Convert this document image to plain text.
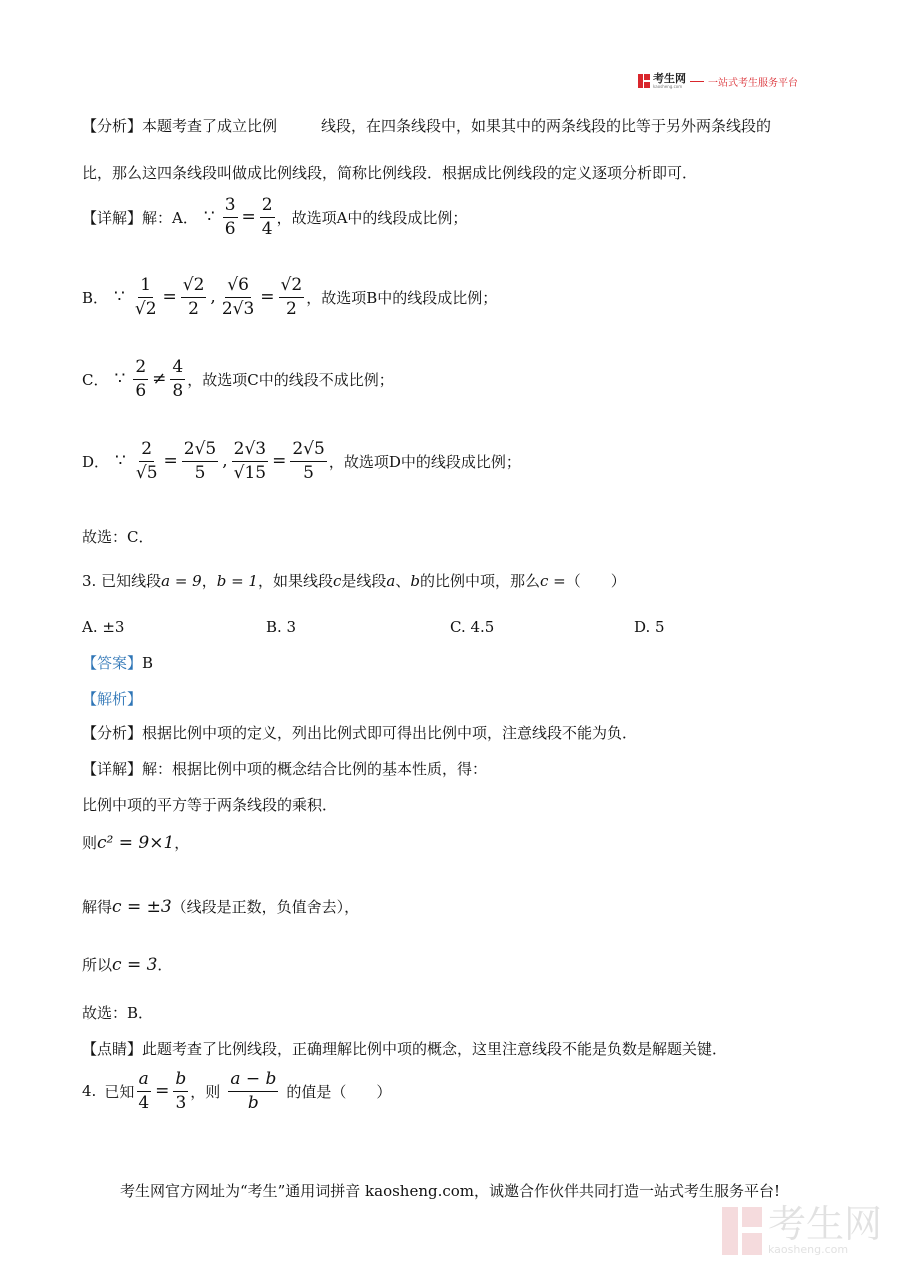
考生网
kaosheng.com	一站式考生服务平台
【分析】本题考查了成立比例	线段，在四条线段中，如果其中的两条线段的比等于另外两条线段的
比，那么这四条线段叫做成比例线段，简称比例线段．根据成比例线段的定义逐项分析即可．
【详解】 解：A． ∵ $\frac{3}{6} = \frac{2}{4}$ ，故选项A中的线段成比例；
B． ∵ $\frac{1}{√2} = \frac{√2}{2}$ , $\frac{√6}{2√3} = \frac{√2}{2}$ ，故选项B中的线段成比例；
C． ∵ $\frac{2}{6} \ne \frac{4}{8}$ ，故选项C中的线段不成比例；
D． ∵ $\frac{2}{√5} = \frac{2√5}{5}$ , $\frac{2√3}{√15} = \frac{2√5}{5}$ ，故选项D中的线段成比例；
故选：C．
3. 已知线段a = 9，b = 1，如果线段c是线段a、b的比例中项，那么c =（　　）
A. ±3	B. 3	C. 4.5	D. 5
【答案】B
【解析】
【分析】根据比例中项的定义，列出比例式即可得出比例中项，注意线段不能为负．
【详解】解：根据比例中项的概念结合比例的基本性质，得：
比例中项的平方等于两条线段的乘积．
则c² = 9×1，
解得c = ±3（线段是正数，负值舍去），
所以c = 3．
故选：B．
【点睛】此题考查了比例线段，正确理解比例中项的概念，这里注意线段不能是负数是解题关键．
4. 已知 $\frac{a}{4} = \frac{b}{3}$ ，则 $\frac{a - b}{b}$ 的值是（　　）
考生网官方网址为“考生”通用词拼音 kaosheng.com，诚邀合作伙伴共同打造一站式考生服务平台!
考生网
kaosheng.com
